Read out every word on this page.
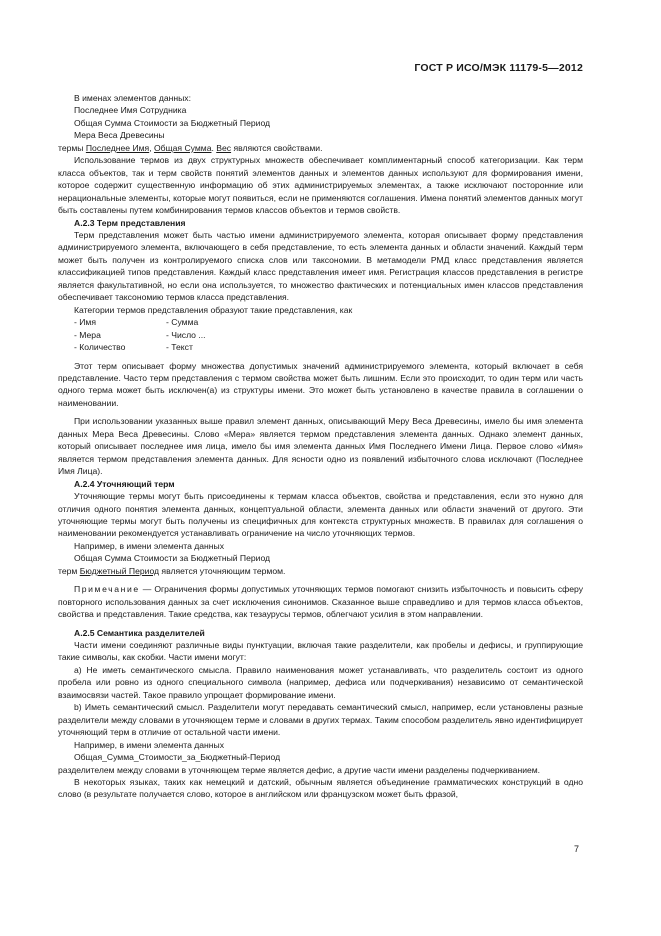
ГОСТ Р ИСО/МЭК 11179-5—2012

В именах элементов данных:

Последнее Имя Сотрудника

Общая Сумма Стоимости за Бюджетный Период

Мера Веса Древесины

термы Последнее Имя, Общая Сумма. Вес являются свойствами.

Использование термов из двух структурных множеств обеспечивает комплиментарный способ категоризации. Как терм класса объектов, так и терм свойств понятий элементов данных и элементов данных используют для формирования имени, которое содержит существенную информацию об этих администрируемых элементах, а также исключают посторонние или нерациональные элементы, которые могут появиться, если не применяются соглашения. Имена понятий элементов данных могут быть составлены путем комбинирования термов классов объектов и термов свойств.

А.2.3 Терм представления

Терм представления может быть частью имени администрируемого элемента, которая описывает форму представления администрируемого элемента, включающего в себя представление, то есть элемента данных и области значений. Каждый терм может быть получен из контролируемого списка слов или таксономии. В метамодели РМД класс представления является классификацией типов представления. Каждый класс представления имеет имя. Регистрация классов представления в регистре является факультативной, но если она используется, то множество фактических и потенциальных имен классов представления обеспечивает таксономию термов класса представления.

Категории термов представления образуют такие представления, как

- Имя	- Сумма
- Мера	- Число ...
- Количество	- Текст

Этот терм описывает форму множества допустимых значений администрируемого элемента, который включает в себя представление. Часто терм представления с термом свойства может быть лишним. Если это происходит, то один терм или часть одного терма может быть исключен(а) из структуры имени. Это может быть установлено в качестве правила в соглашении о наименовании.

При использовании указанных выше правил элемент данных, описывающий Меру Веса Древесины, имело бы имя элемента данных Мера Веса Древесины. Слово «Мера» является термом представления элемента данных. Однако элемент данных, который описывает последнее имя лица, имело бы имя элемента данных Имя Последнего Имени Лица. Первое слово «Имя» является термом представления элемента данных. Для ясности одно из появлений избыточного слова исключают (Последнее Имя Лица).

А.2.4 Уточняющий терм

Уточняющие термы могут быть присоединены к термам класса объектов, свойства и представления, если это нужно для отличия одного понятия элемента данных, концептуальной области, элемента данных или области значений от другого. Эти уточняющие термы могут быть получены из специфичных для контекста структурных множеств. В правилах для соглашения о наименовании рекомендуется устанавливать ограничение на число уточняющих термов.

Например, в имени элемента данных

Общая Сумма Стоимости за Бюджетный Период

терм Бюджетный Период является уточняющим термом.

Примечание — Ограничения формы допустимых уточняющих термов помогают снизить избыточность и повысить сферу повторного использования данных за счет исключения синонимов. Сказанное выше справедливо и для термов класса объектов, свойства и представления. Такие средства, как тезаурусы термов, облегчают усилия в этом направлении.

А.2.5 Семантика разделителей

Части имени соединяют различные виды пунктуации, включая такие разделители, как пробелы и дефисы, и группирующие такие символы, как скобки. Части имени могут:

а) Не иметь семантического смысла. Правило наименования может устанавливать, что разделитель состоит из одного пробела или ровно из одного специального символа (например, дефиса или подчеркивания) независимо от семантической взаимосвязи частей. Такое правило упрощает формирование имени.

b) Иметь семантический смысл. Разделители могут передавать семантический смысл, например, если установлены разные разделители между словами в уточняющем терме и словами в других термах. Таким способом разделитель явно идентифицирует уточняющий терм в отличие от остальной части имени.

Например, в имени элемента данных

Общая_Сумма_Стоимости_за_Бюджетный-Период

разделителем между словами в уточняющем терме является дефис, а другие части имени разделены подчеркиванием.

В некоторых языках, таких как немецкий и датский, обычным является объединение грамматических конструкций в одно слово (в результате получается слово, которое в английском или французском может быть фразой,

7
